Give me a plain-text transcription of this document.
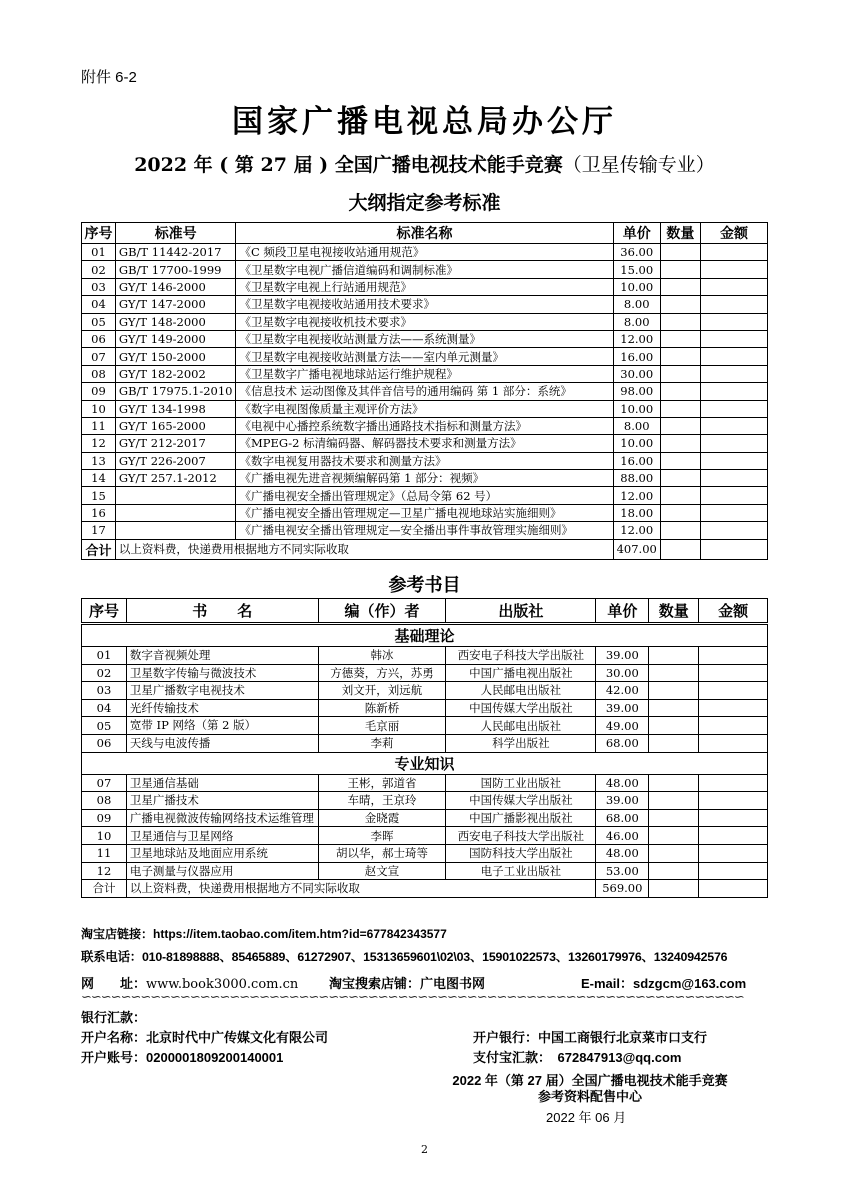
附件 6-2
国家广播电视总局办公厅
2022 年 ( 第 27 届 ) 全国广播电视技术能手竞赛（卫星传输专业）
大纲指定参考标准
序号	标准号	标准名称	单价	数量	金额
01	GB/T 11442-2017	《C 频段卫星电视接收站通用规范》	36.00		
02	GB/T 17700-1999	《卫星数字电视广播信道编码和调制标准》	15.00		
03	GY/T 146-2000	《卫星数字电视上行站通用规范》	10.00		
04	GY/T 147-2000	《卫星数字电视接收站通用技术要求》	8.00		
05	GY/T 148-2000	《卫星数字电视接收机技术要求》	8.00		
06	GY/T 149-2000	《卫星数字电视接收站测量方法——系统测量》	12.00		
07	GY/T 150-2000	《卫星数字电视接收站测量方法——室内单元测量》	16.00		
08	GY/T 182-2002	《卫星数字广播电视地球站运行维护规程》	30.00		
09	GB/T 17975.1-2010	《信息技术 运动图像及其伴音信号的通用编码 第 1 部分：系统》	98.00		
10	GY/T 134-1998	《数字电视图像质量主观评价方法》	10.00		
11	GY/T 165-2000	《电视中心播控系统数字播出通路技术指标和测量方法》	8.00		
12	GY/T 212-2017	《MPEG-2 标清编码器、解码器技术要求和测量方法》	10.00		
13	GY/T 226-2007	《数字电视复用器技术要求和测量方法》	16.00		
14	GY/T 257.1-2012	《广播电视先进音视频编解码第 1 部分：视频》	88.00		
15		《广播电视安全播出管理规定》（总局令第 62 号）	12.00		
16		《广播电视安全播出管理规定—卫星广播电视地球站实施细则》	18.00		
17		《广播电视安全播出管理规定—安全播出事件事故管理实施细则》	12.00		
合计	以上资料费，快递费用根据地方不同实际收取		407.00		
参考书目
序号	书　　名	编（作）者	出版社	单价	数量	金额
基础理论						
01	数字音视频处理	韩冰	西安电子科技大学出版社	39.00		
02	卫星数字传输与微波技术	方德葵，方兴，苏勇	中国广播电视出版社	30.00		
03	卫星广播数字电视技术	刘文开，刘远航	人民邮电出版社	42.00		
04	光纤传输技术	陈新桥	中国传媒大学出版社	39.00		
05	宽带 IP 网络（第 2 版）	毛京丽	人民邮电出版社	49.00		
06	天线与电波传播	李莉	科学出版社	68.00		
专业知识						
07	卫星通信基础	王彬，郭道省	国防工业出版社	48.00		
08	卫星广播技术	车晴，王京玲	中国传媒大学出版社	39.00		
09	广播电视微波传输网络技术运维管理	金晓霞	中国广播影视出版社	68.00		
10	卫星通信与卫星网络	李晖	西安电子科技大学出版社	46.00		
11	卫星地球站及地面应用系统	胡以华，郝士琦等	国防科技大学出版社	48.00		
12	电子测量与仪器应用	赵文宣	电子工业出版社	53.00		
合计	以上资料费，快递费用根据地方不同实际收取			569.00		
淘宝店链接：https://item.taobao.com/item.htm?id=677842343577
联系电话：010-81898888、85465889、61272907、15313659601\02\03、15901022573、13260179976、13240942576
网　　址：www.book3000.com.cn 淘宝搜索店铺：广电图书网	E-mail：sdzgcm@163.com
银行汇款：
开户名称：北京时代中广传媒文化有限公司	开户银行：中国工商银行北京菜市口支行
开户账号：0200001809200140001	支付宝汇款：　672847913@qq.com
∽∽∽∽∽∽∽∽∽∽∽∽∽∽∽∽∽∽∽∽∽∽∽∽∽∽∽∽∽∽∽∽∽∽∽∽∽∽∽∽∽∽∽∽∽∽∽∽∽∽∽∽∽∽∽∽∽∽∽∽∽∽∽∽∽∽∽
2022 年（第 27 届）全国广播电视技术能手竞赛
参考资料配售中心
2022 年 06 月
2
